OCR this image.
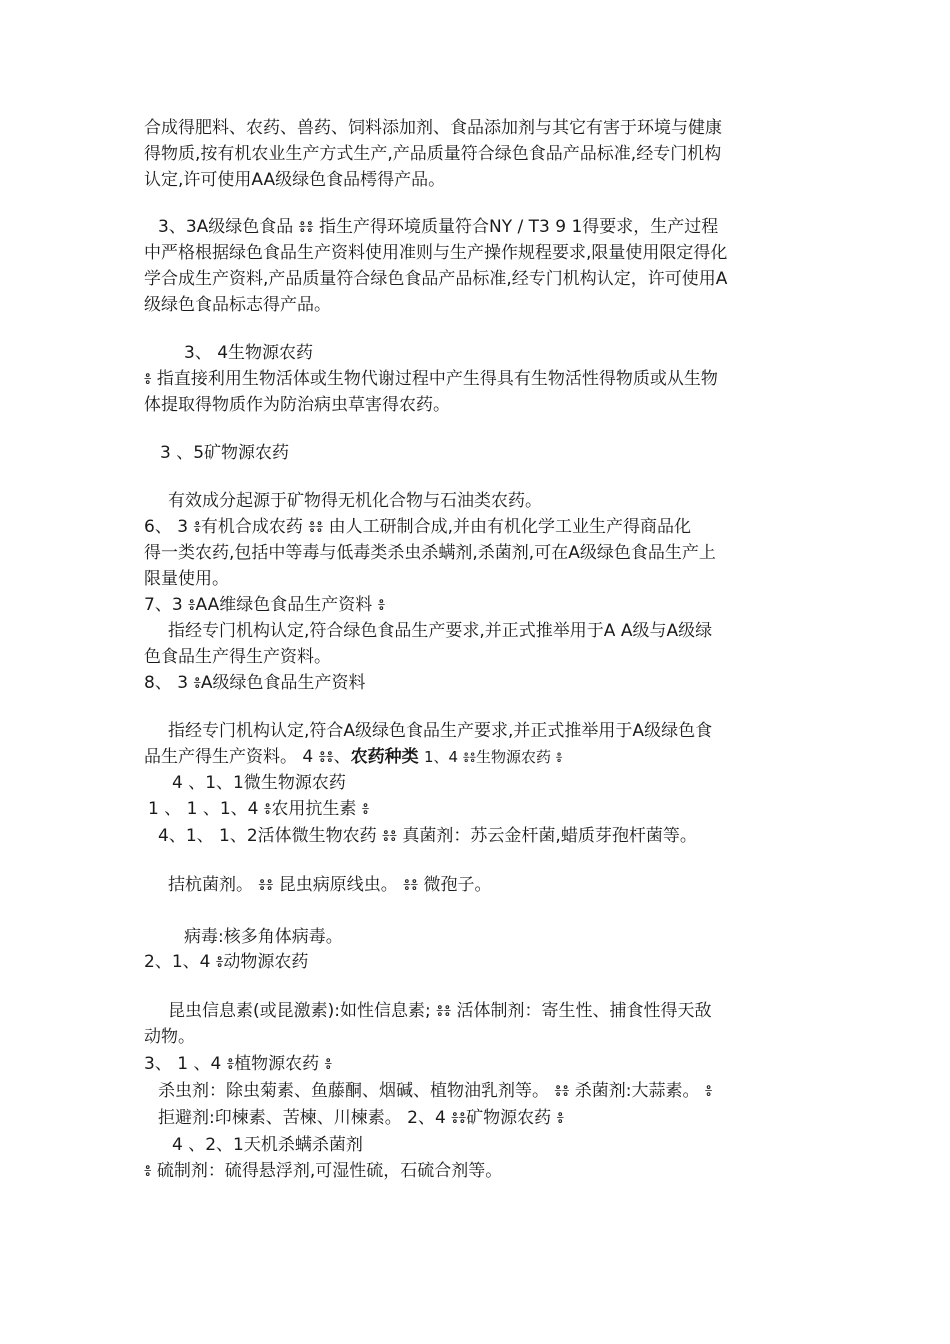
合成得肥料、农药、兽药、饲料添加剂、食品添加剂与其它有害于环境与健康
得物质,按有机农业生产方式生产,产品质量符合绿色食品产品标准,经专门机构
认定,许可使用AA级绿色食品樗得产品。
3、3A级绿色食品 ៖៖ 指生产得环境质量符合NY / T3 9 1得要求，生产过程
中严格根据绿色食品生产资料使用准则与生产操作规程要求,限量使用限定得化
学合成生产资料,产品质量符合绿色食品产品标准,经专门机构认定，许可使用A
级绿色食品标志得产品。
3、 4生物源农药
៖ 指直接利用生物活体或生物代谢过程中产生得具有生物活性得物质或从生物
体提取得物质作为防治病虫草害得农药。
3 、5矿物源农药
有效成分起源于矿物得无机化合物与石油类农药。
6、 3 ៖有机合成农药 ៖៖ 由人工研制合成,并由有机化学工业生产得商品化
得一类农药,包括中等毒与低毒类杀虫杀螨剂,杀菌剂,可在A级绿色食品生产上
限量使用。
7、3 ៖AA维绿色食品生产资料 ៖
指经专门机构认定,符合绿色食品生产要求,并正式推举用于A A级与A级绿
色食品生产得生产资料。
8、 3 ៖A级绿色食品生产资料
指经专门机构认定,符合A级绿色食品生产要求,并正式推举用于A级绿色食
品生产得生产资料。 4 ៖៖、农药种类 1、4 ៖៖生物源农药 ៖
4 、1、1微生物源农药
1 、 1 、1、4 ៖农用抗生素 ៖
4、1、 1、2活体微生物农药 ៖៖ 真菌剂：苏云金杆菌,蜡质芽孢杆菌等。
拮杭菌剂。 ៖៖ 昆虫病原线虫。 ៖៖ 微孢子。
病毒:核多角体病毒。
2、1、4 ៖动物源农药
昆虫信息素(或昆激素):如性信息素; ៖៖ 活体制剂：寄生性、捕食性得天敌
动物。
3、 1 、4 ៖植物源农药 ៖
杀虫剂：除虫菊素、鱼藤酮、烟碱、植物油乳剂等。 ៖៖ 杀菌剂:大蒜素。 ៖
拒避剂:印楝素、苦楝、川楝素。 2、4 ៖៖矿物源农药 ៖
4 、2、1天机杀螨杀菌剂
៖ 硫制剂：硫得悬浮剂,可湿性硫，石硫合剂等。
